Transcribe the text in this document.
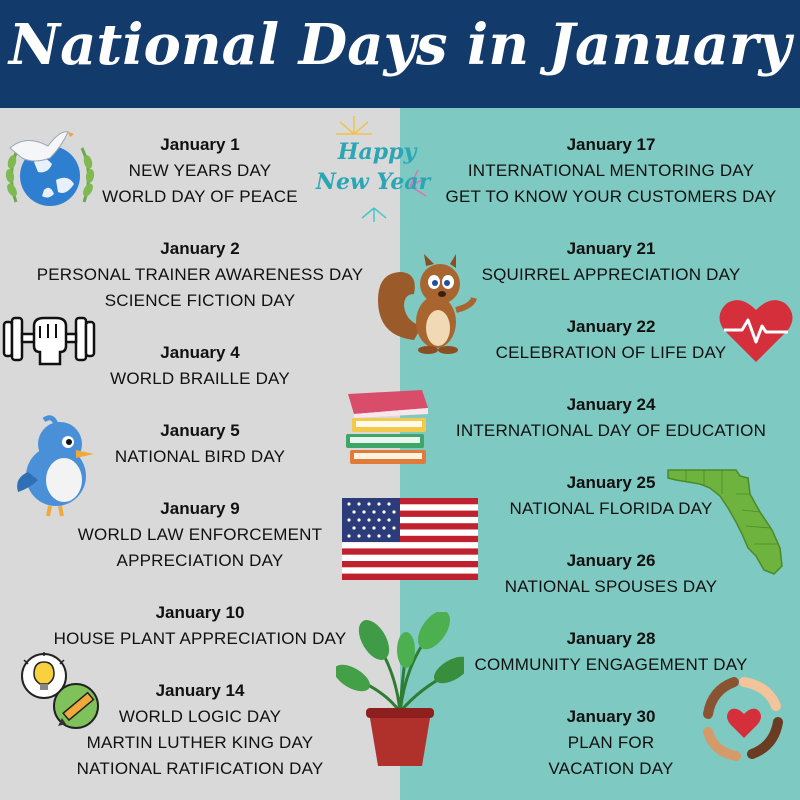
National Days in January
January 1
NEW YEARS DAY
WORLD DAY OF PEACE
January 2
PERSONAL TRAINER AWARENESS DAY
SCIENCE FICTION DAY
January 4
WORLD BRAILLE DAY
January 5
NATIONAL BIRD DAY
January 9
WORLD LAW ENFORCEMENT
APPRECIATION DAY
January 10
HOUSE PLANT APPRECIATION DAY
January 14
WORLD LOGIC DAY
MARTIN LUTHER KING DAY
NATIONAL RATIFICATION DAY
January 17
INTERNATIONAL MENTORING DAY
GET TO KNOW YOUR CUSTOMERS DAY
January 21
SQUIRREL APPRECIATION DAY
January 22
CELEBRATION OF LIFE DAY
January 24
INTERNATIONAL DAY OF EDUCATION
January 25
NATIONAL FLORIDA DAY
January 26
NATIONAL SPOUSES DAY
January 28
COMMUNITY ENGAGEMENT DAY
January 30
PLAN FOR
VACATION DAY
Happy
New Year
